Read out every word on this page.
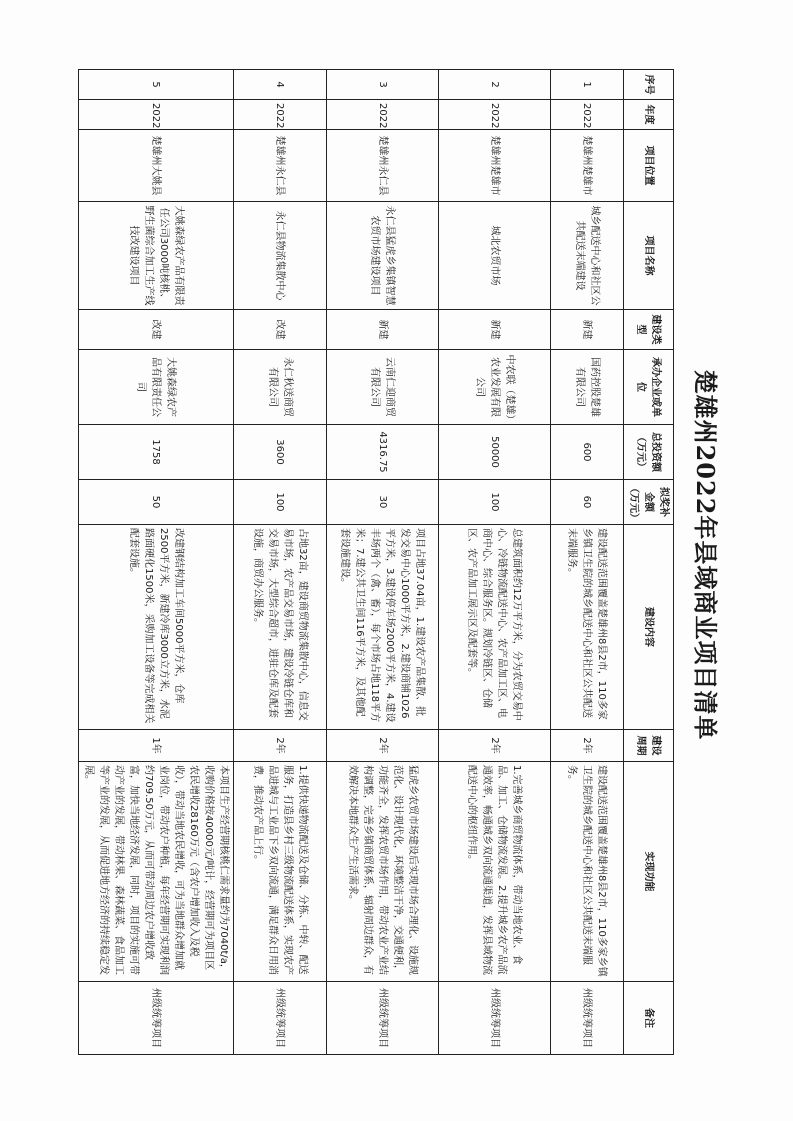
楚雄州2022年县域商业项目清单
序号	年度	项目位置	项目名称	建设类型	承办企业或单位	总投资额（万元）	拟奖补金额（万元）	建设内容	建设周期	实现功能	备注
1	2022	楚雄州楚雄市	城乡配送中心和社区公共配送末端建设	新建	国药控股楚雄有限公司	600	60	建设配送范围覆盖楚雄州8县2市，110多家乡镇卫生院的城乡配送中心和社区公共配送末端服务。	2年	建设配送范围覆盖楚雄州8县2市，110多家乡镇卫生院的城乡配送中心和社区公共配送末端服务。	州级统筹项目
2	2022	楚雄州楚雄市	城北农贸市场	新建	中农联（楚雄）农业发展有限公司	50000	100	总建筑面积约12万平方米，分为农贸交易中心、冷链物流配送中心、农产品加工区、电商中心、综合服务区。规划冷链区、仓储区、农产品加工展示区及配套等。	2年	1.完善城乡商贸物流体系，带动当地农业、食品、加工、仓储物流发展。2.提升城乡农产品流通效率，畅通城乡双向流通渠道，发挥县域物流配送中心的枢纽作用。	州级统筹项目
3	2022	楚雄州永仁县	永仁县猛虎乡集镇智慧农贸市场建设项目	新建	云南仁迎商贸有限公司	4316.75	30	项目占地37.04亩，1.建设农产品集散、批发交易中心1000平方米，2.建设商铺1026平方米，3.建设停车场2000平方米，4.建设丰场两个（禽、畜），每个市场占地118平方米；7.建公共卫生间116平方米，及其他配套设施建设。	2年	猛虎乡农贸市场建设后实现市场合理化、设施规范化、设计现代化，环境整洁干净，交通便利，功能齐全，发挥农贸市场作用，带动农业产业结构调整，完善乡镇商贸体系，辐射周边群众，有效解决本地群众生产生活需求。	州级统筹项目
4	2022	楚雄州永仁县	永仁县物流集散中心	改建	永仁秋送商贸有限公司	3600	100	占地32亩，建设商贸物流集散中心，信息交易市场，农产品交易市场，建设冷链仓库和交易市场，大型综合超市，进驻仓库及配套设施，商贸办公服务。	2年	1.提供快递物流配送及仓储、分拣、中转、配送服务，打造县乡村三级物流配送体系，实现农产品进城与工业品下乡双向流通，满足群众日用消费，推动农产品上行。	州级统筹项目
5	2022	楚雄州大姚县	大姚森绿农产品有限责任公司3000吨核桃、野生菌综合加工生产线技改建设项目	改建	大姚森绿农产品有限责任公司	1758	50	改建钢结构加工车间5000平方米，仓库2500平方米，新建冷库3000立方米，水泥路面硬化1500米，采购加工设备等完成相关配套设施。	1年	本项目生产经营期核桃仁需求量约为7040t/a，收购价格按40000元/吨计，经营期可为项目区农民增收28160万元（含农户增加收入及税收），带动当地农民增收，可为当地群众增加就业岗位，带动农户种植，每年经营期可实现利润约709.50万元，从而可带动周边农户增收致富，加快当地经济发展，同时，项目的实施可带动产业的发展，带动林果、森林蔬菜、食品加工等产业的发展，从而促进地方经济的持续稳定发展。	州级统筹项目
